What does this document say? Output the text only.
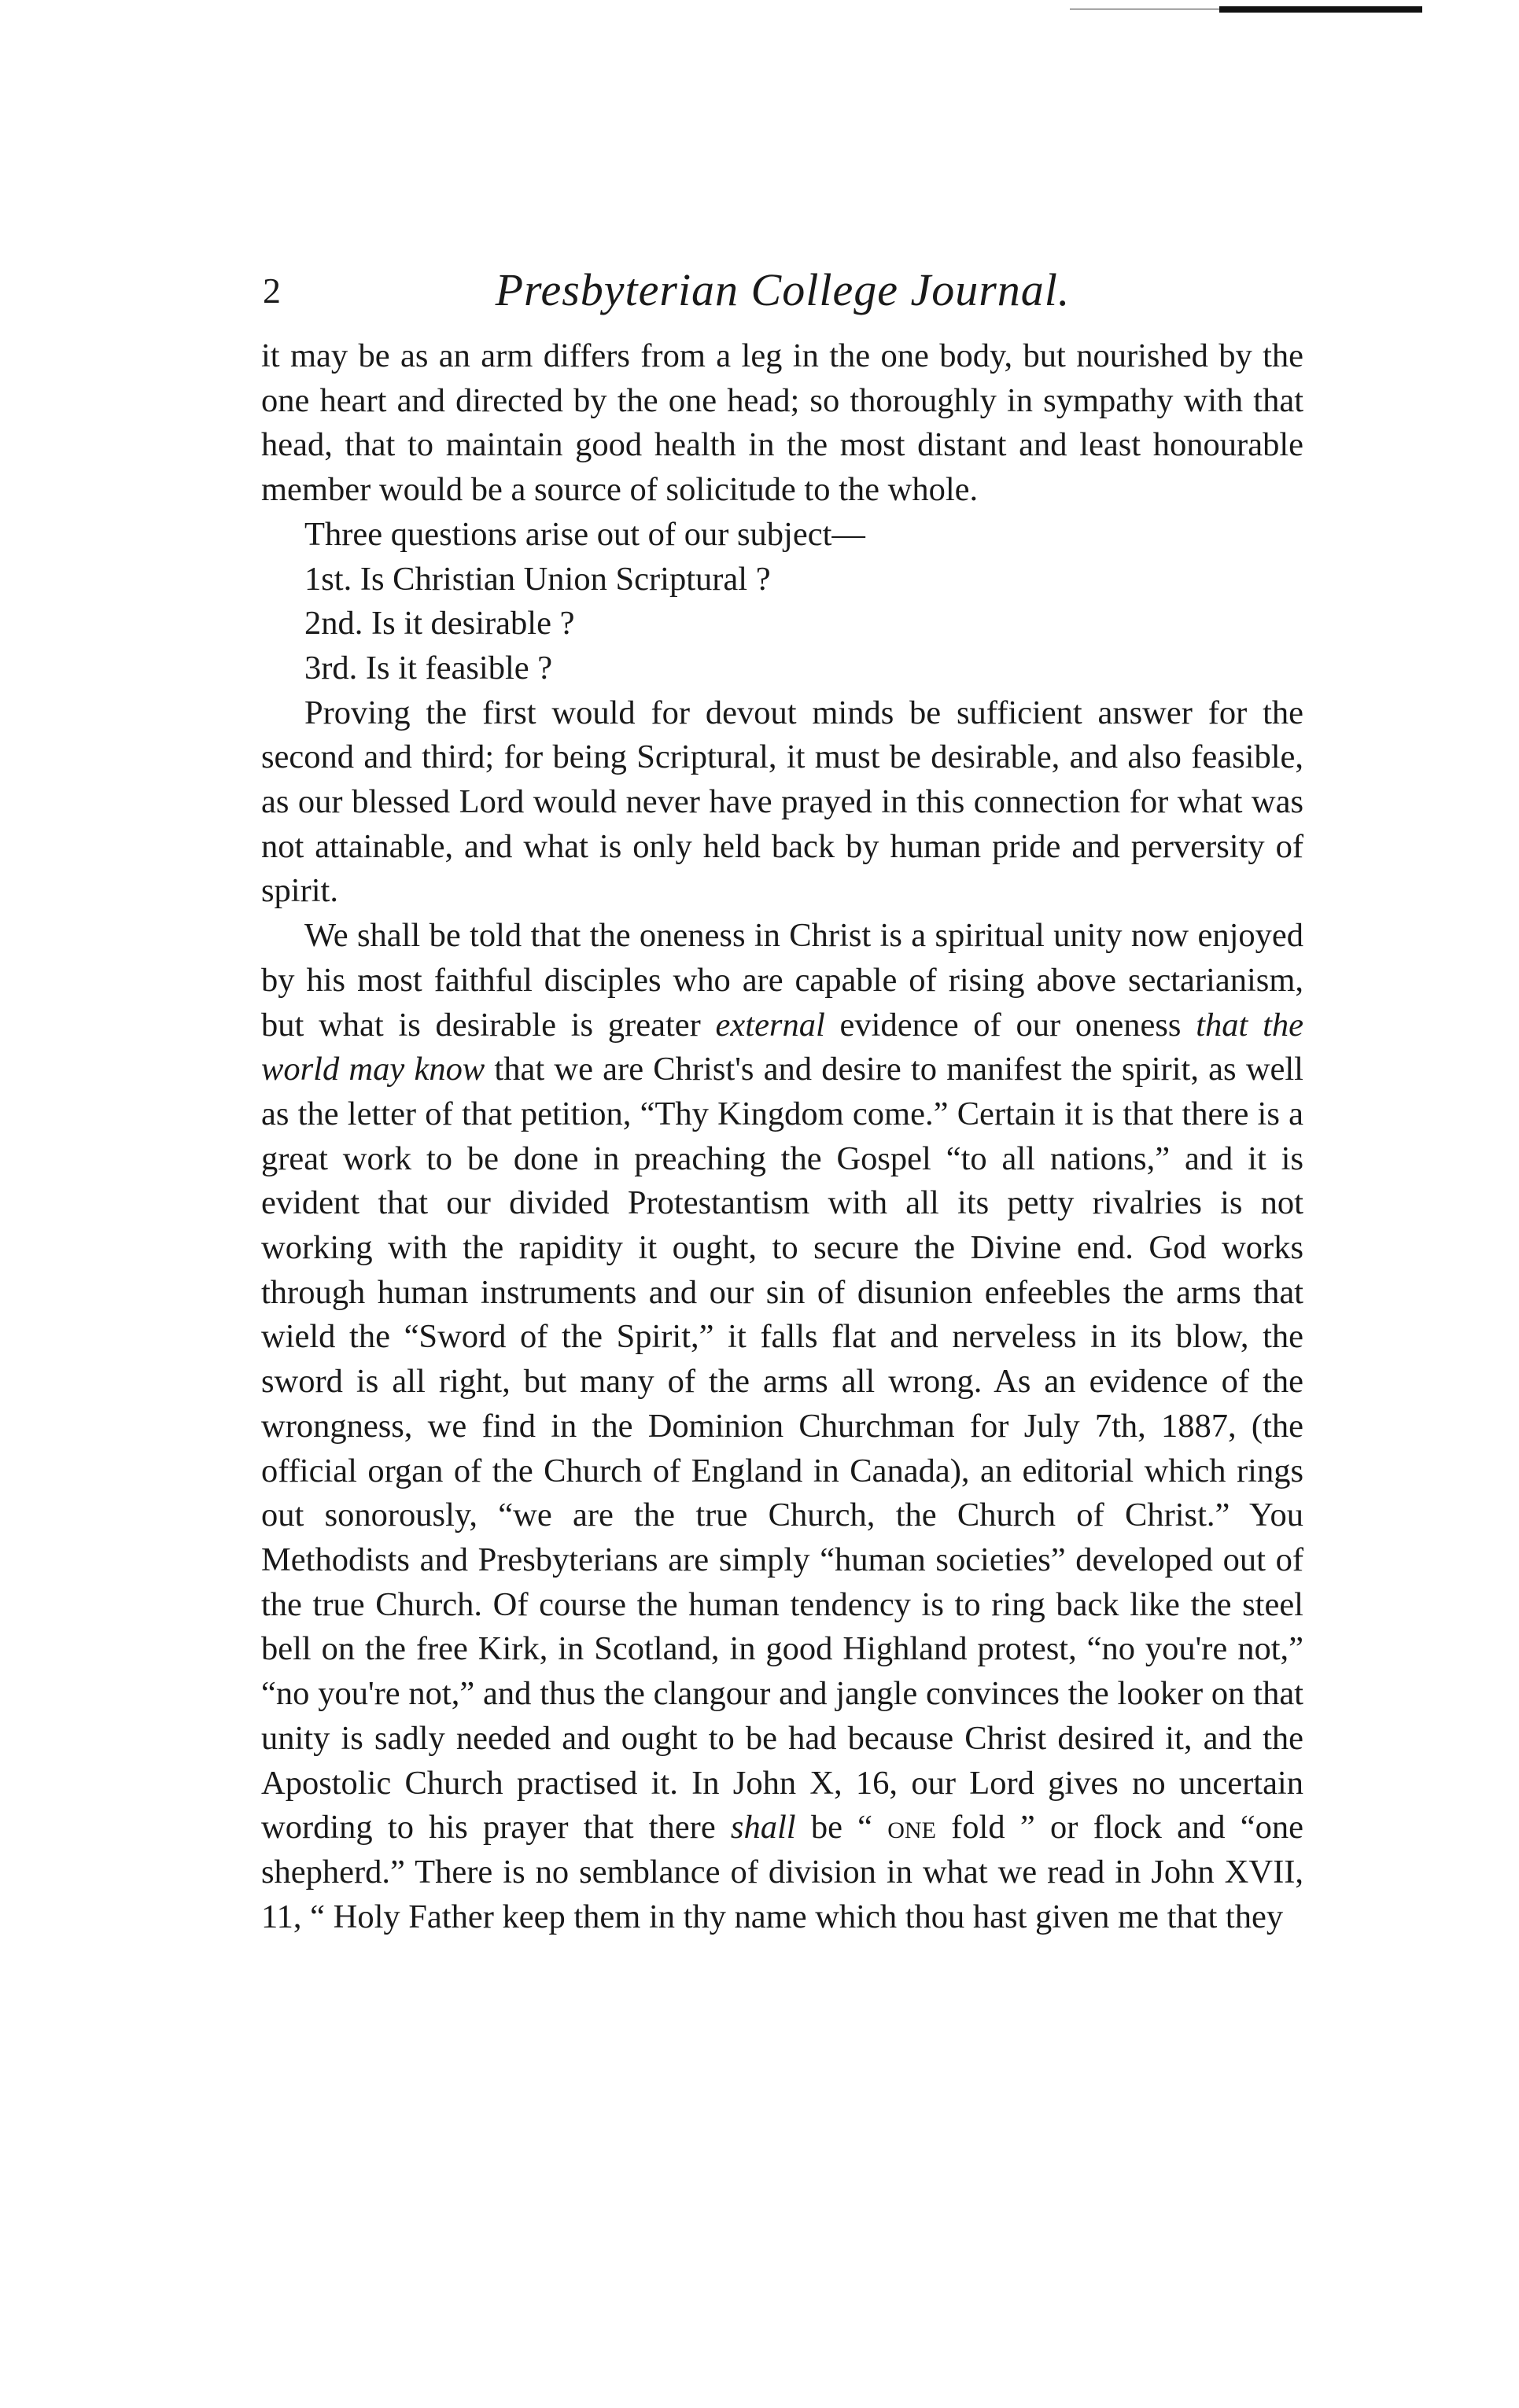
2	Presbyterian College Journal.

it may be as an arm differs from a leg in the one body, but nourished by the one heart and directed by the one head; so thoroughly in sympathy with that head, that to maintain good health in the most distant and least honourable member would be a source of solicitude to the whole.

Three questions arise out of our subject—

1st. Is Christian Union Scriptural ?

2nd. Is it desirable ?

3rd. Is it feasible ?

Proving the first would for devout minds be sufficient answer for the second and third; for being Scriptural, it must be desirable, and also feasible, as our blessed Lord would never have prayed in this connection for what was not attainable, and what is only held back by human pride and perversity of spirit.

We shall be told that the oneness in Christ is a spiritual unity now enjoyed by his most faithful disciples who are capable of rising above sectarianism, but what is desirable is greater external evidence of our oneness that the world may know that we are Christ's and desire to manifest the spirit, as well as the letter of that petition, “Thy Kingdom come.” Certain it is that there is a great work to be done in preaching the Gospel “to all nations,” and it is evident that our divided Protestantism with all its petty rivalries is not working with the rapidity it ought, to secure the Divine end. God works through human instruments and our sin of disunion enfeebles the arms that wield the “Sword of the Spirit,” it falls flat and nerveless in its blow, the sword is all right, but many of the arms all wrong. As an evidence of the wrongness, we find in the Dominion Churchman for July 7th, 1887, (the official organ of the Church of England in Canada), an editorial which rings out sonorously, “we are the true Church, the Church of Christ.” You Methodists and Presbyterians are simply “human societies” developed out of the true Church. Of course the human tendency is to ring back like the steel bell on the free Kirk, in Scotland, in good Highland protest, “no you're not,” “no you're not,” and thus the clangour and jangle convinces the looker on that unity is sadly needed and ought to be had because Christ desired it, and the Apostolic Church practised it. In John X, 16, our Lord gives no uncertain wording to his prayer that there shall be “ one fold ” or flock and “one shepherd.” There is no semblance of division in what we read in John XVII, 11, “ Holy Father keep them in thy name which thou hast given me that they
